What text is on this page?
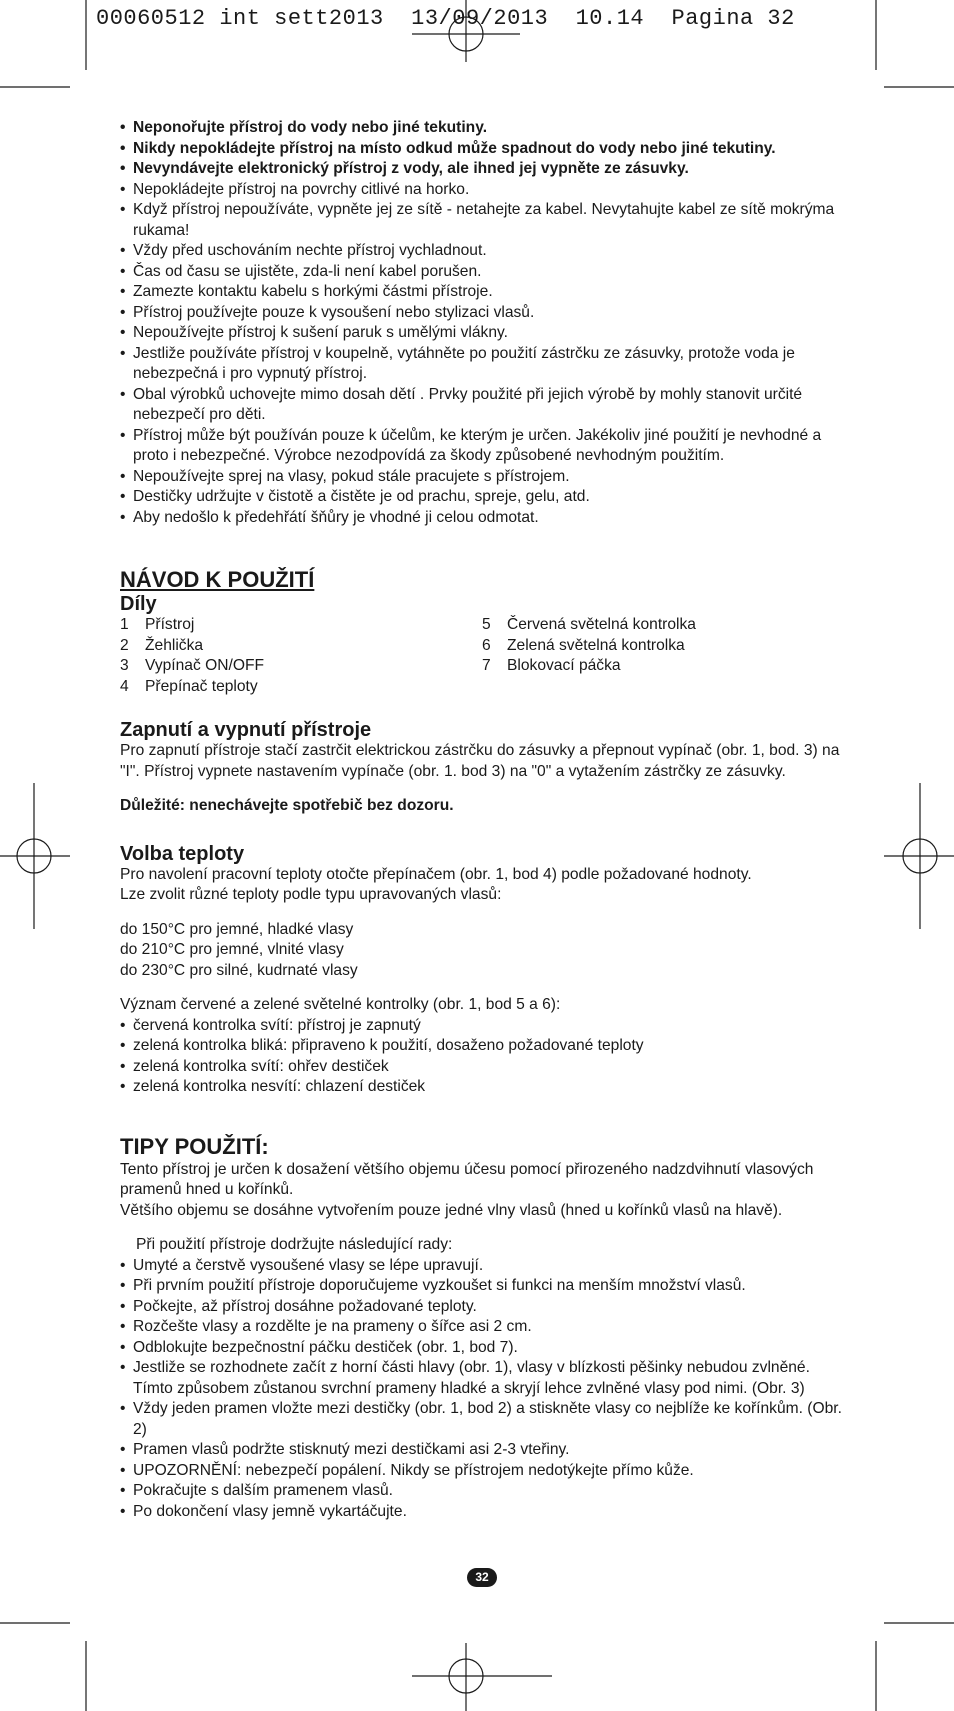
00060512 int sett2013 13/09/2013 10.14 Pagina 32
• Neponořujte přístroj do vody nebo jiné tekutiny.
• Nikdy nepokládejte přístroj na místo odkud může spadnout do vody nebo jiné tekutiny.
• Nevyndávejte elektronický přístroj z vody, ale ihned jej vypněte ze zásuvky.
• Nepokládejte přístroj na povrchy citlivé na horko.
• Když přístroj nepoužíváte, vypněte jej ze sítě - netahejte za kabel. Nevytahujte kabel ze sítě mokrýma rukama!
• Vždy před uschováním nechte přístroj vychladnout.
• Čas od času se ujistěte, zda-li není kabel porušen.
• Zamezte kontaktu kabelu s horkými částmi přístroje.
• Přístroj používejte pouze k vysoušení nebo stylizaci vlasů.
• Nepoužívejte přístroj k sušení paruk s umělými vlákny.
• Jestliže používáte přístroj v koupelně, vytáhněte po použití zástrčku ze zásuvky, protože voda je nebezpečná i pro vypnutý přístroj.
• Obal výrobků uchovejte mimo dosah dětí . Prvky použité při jejich výrobě by mohly stanovit určité nebezpečí pro děti.
• Přístroj může být používán pouze k účelům, ke kterým je určen. Jakékoliv jiné použití je nevhodné a proto i nebezpečné. Výrobce nezodpovídá za škody způsobené nevhodným použitím.
• Nepoužívejte sprej na vlasy, pokud stále pracujete s přístrojem.
• Destičky udržujte v čistotě a čistěte je od prachu, spreje, gelu, atd.
• Aby nedošlo k předehřátí šňůry je vhodné ji celou odmotat.

NÁVOD K POUŽITÍ

Díly

1	Přístroj
2	Žehlička
3	Vypínač ON/OFF
4	Přepínač teploty
5	Červená světelná kontrolka
6	Zelená světelná kontrolka
7	Blokovací páčka

Zapnutí a vypnutí přístroje

Pro zapnutí přístroje stačí zastrčit elektrickou zástrčku do zásuvky a přepnout vypínač (obr. 1, bod. 3) na "I". Přístroj vypnete nastavením vypínače (obr. 1. bod 3) na "0" a vytažením zástrčky ze zásuvky.

Důležité: nenechávejte spotřebič bez dozoru.

Volba teploty

Pro navolení pracovní teploty otočte přepínačem (obr. 1, bod 4) podle požadované hodnoty.

Lze zvolit různé teploty podle typu upravovaných vlasů:

do 150°C pro jemné, hladké vlasy

do 210°C pro jemné, vlnité vlasy

do 230°C pro silné, kudrnaté vlasy

Význam červené a zelené světelné kontrolky (obr. 1, bod 5 a 6):

• červená kontrolka svítí: přístroj je zapnutý
• zelená kontrolka bliká: připraveno k použití, dosaženo požadované teploty
• zelená kontrolka svítí: ohřev destiček
• zelená kontrolka nesvítí: chlazení destiček

TIPY POUŽITÍ:

Tento přístroj je určen k dosažení většího objemu účesu pomocí přirozeného nadzdvihnutí vlasových pramenů hned u kořínků.

Většího objemu se dosáhne vytvořením pouze jedné vlny vlasů (hned u kořínků vlasů na hlavě).

Při použití přístroje dodržujte následující rady:

• Umyté a čerstvě vysoušené vlasy se lépe upravují.
• Při prvním použití přístroje doporučujeme vyzkoušet si funkci na menším množství vlasů.
• Počkejte, až přístroj dosáhne požadované teploty.
• Rozčešte vlasy a rozdělte je na prameny o šířce asi 2 cm.
• Odblokujte bezpečnostní páčku destiček (obr. 1, bod 7).
• Jestliže se rozhodnete začít z horní části hlavy (obr. 1), vlasy v blízkosti pěšinky nebudou zvlněné. Tímto způsobem zůstanou svrchní prameny hladké a skryjí lehce zvlněné vlasy pod nimi. (Obr. 3)
• Vždy jeden pramen vložte mezi destičky (obr. 1, bod 2) a stiskněte vlasy co nejblíže ke kořínkům. (Obr. 2)
• Pramen vlasů podržte stisknutý mezi destičkami asi 2-3 vteřiny.
• UPOZORNĚNÍ: nebezpečí popálení. Nikdy se přístrojem nedotýkejte přímo kůže.
• Pokračujte s dalším pramenem vlasů.
• Po dokončení vlasy jemně vykartáčujte.
32
